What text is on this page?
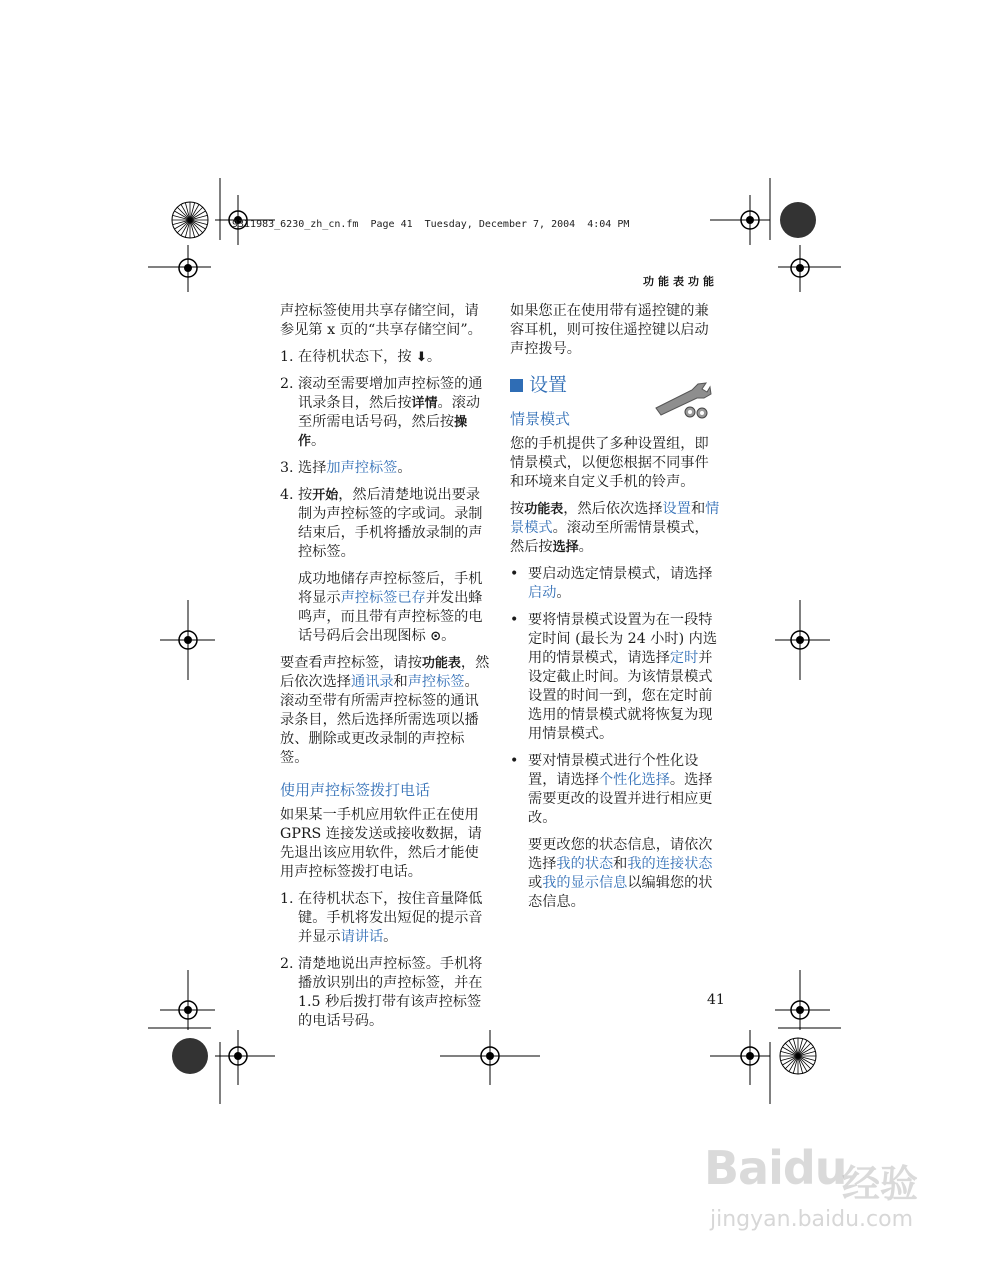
9311983_6230_zh_cn.fm  Page 41  Tuesday, December 7, 2004  4:04 PM
功能表功能

声控标签使用共享存储空间，请参见第 x 页的“共享存储空间”。

1. 在待机状态下，按 ⬇。
2. 滚动至需要增加声控标签的通讯录条目，然后按详情。滚动至所需电话号码，然后按操作。
3. 选择加声控标签。
4. 按开始，然后清楚地说出要录制为声控标签的字或词。录制结束后，手机将播放录制的声控标签。
成功地储存声控标签后，手机将显示声控标签已存并发出蜂鸣声，而且带有声控标签的电话号码后会出现图标 ⊙。

要查看声控标签，请按功能表，然后依次选择通讯录和声控标签。滚动至带有所需声控标签的通讯录条目，然后选择所需选项以播放、删除或更改录制的声控标签。

使用声控标签拨打电话

如果某一手机应用软件正在使用 GPRS 连接发送或接收数据，请先退出该应用软件，然后才能使用声控标签拨打电话。

1. 在待机状态下，按住音量降低键。手机将发出短促的提示音并显示请讲话。
2. 清楚地说出声控标签。手机将播放识别出的声控标签，并在 1.5 秒后拨打带有该声控标签的电话号码。

如果您正在使用带有遥控键的兼容耳机，则可按住遥控键以启动声控拨号。

设置
情景模式

您的手机提供了多种设置组，即情景模式，以便您根据不同事件和环境来自定义手机的铃声。

按功能表，然后依次选择设置和情景模式。滚动至所需情景模式，然后按选择。

• 要启动选定情景模式，请选择启动。
• 要将情景模式设置为在一段特定时间 (最长为 24 小时) 内选用的情景模式，请选择定时并设定截止时间。为该情景模式设置的时间一到，您在定时前选用的情景模式就将恢复为现用情景模式。
• 要对情景模式进行个性化设置，请选择个性化选择。选择需要更改的设置并进行相应更改。
要更改您的状态信息，请依次选择我的状态和我的连接状态或我的显示信息以编辑您的状态信息。
41
Baidu
经验
jingyan.baidu.com
